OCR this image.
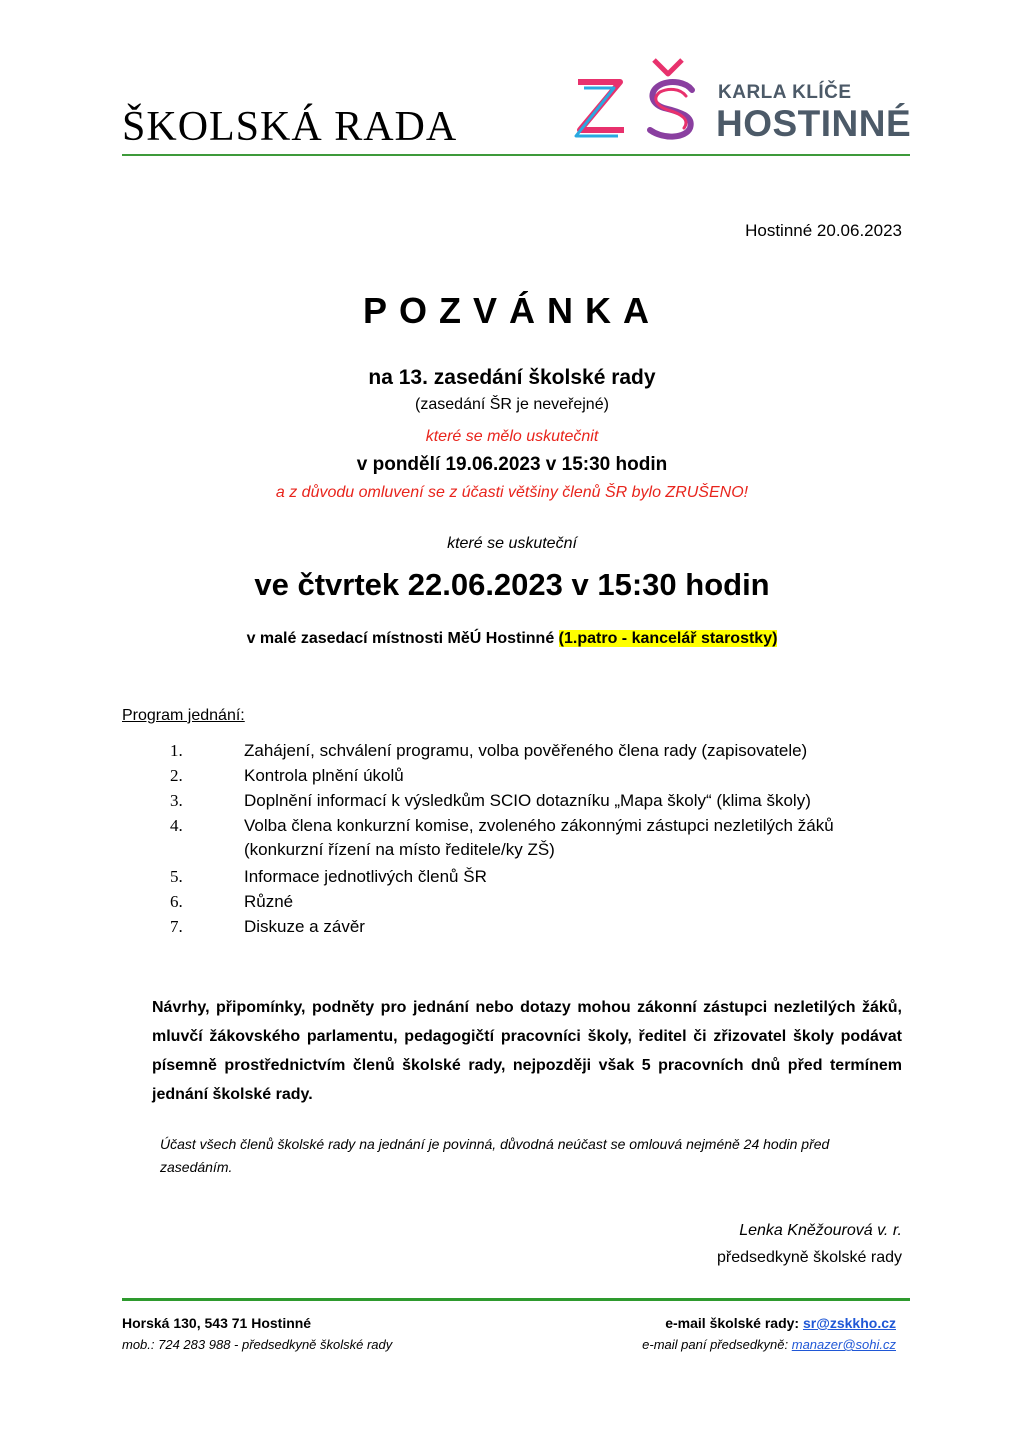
ŠKOLSKÁ RADA
KARLA KLÍČE
HOSTINNÉ
Hostinné 20.06.2023
POZVÁNKA
na 13. zasedání školské rady
(zasedání ŠR je neveřejné)
které se mělo uskutečnit
v pondělí 19.06.2023 v 15:30 hodin
a z důvodu omluvení se z účasti většiny členů ŠR bylo ZRUŠENO!
které se uskuteční
ve čtvrtek 22.06.2023 v 15:30 hodin
v malé zasedací místnosti MěÚ Hostinné (1.patro - kancelář starostky)
Program jednání:
1.	Zahájení, schválení programu, volba pověřeného člena rady (zapisovatele)
2.	Kontrola plnění úkolů
3.	Doplnění informací k výsledkům SCIO dotazníku „Mapa školy“ (klima školy)
4.	Volba člena konkurzní komise, zvoleného zákonnými zástupci nezletilých žáků (konkurzní řízení na místo ředitele/ky ZŠ)
5.	Informace jednotlivých členů ŠR
6.	Různé
7.	Diskuze a závěr
Návrhy, připomínky, podněty pro jednání nebo dotazy mohou zákonní zástupci nezletilých žáků, mluvčí žákovského parlamentu, pedagogičtí pracovníci školy, ředitel či zřizovatel školy podávat písemně prostřednictvím členů školské rady, nejpozději však 5 pracovních dnů před termínem jednání školské rady.
Účast všech členů školské rady na jednání je povinná, důvodná neúčast se omlouvá nejméně 24 hodin před zasedáním.
Lenka Kněžourová v. r.
předsedkyně školské rady
Horská 130, 543 71 Hostinné
mob.: 724 283 988 - předsedkyně školské rady
e-mail školské rady: sr@zskkho.cz
e-mail paní předsedkyně: manazer@sohi.cz
